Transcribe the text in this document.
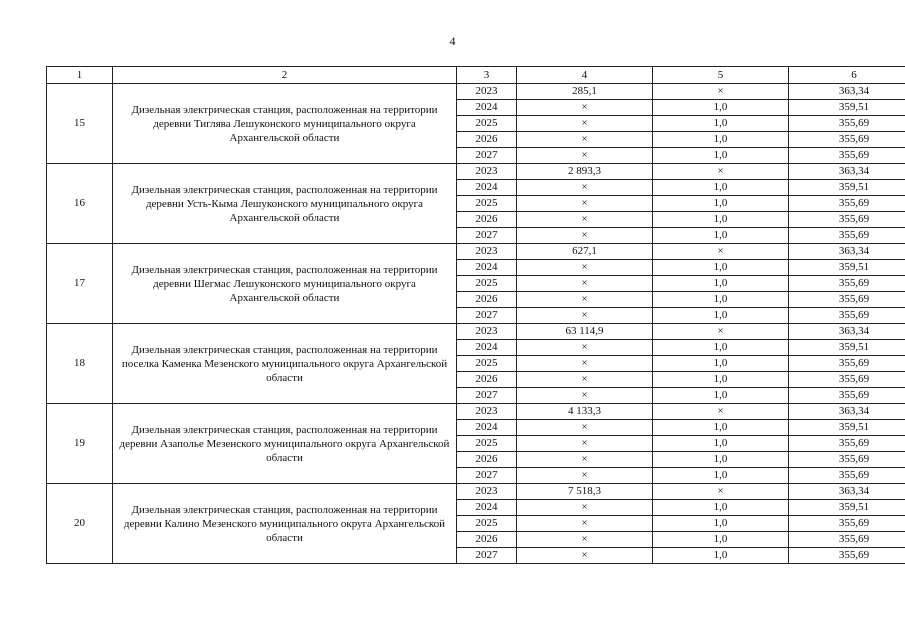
4
1	2	3	4	5	6
15	Дизельная электрическая станция, расположенная на территории деревни Тиглява Лешуконского муниципального округа Архангельской области	2023	285,1	×	363,34
		2024	×	1,0	359,51
		2025	×	1,0	355,69
		2026	×	1,0	355,69
		2027	×	1,0	355,69
16	Дизельная электрическая станция, расположенная на территории деревни Усть-Кыма Лешуконского муниципального округа Архангельской области	2023	2 893,3	×	363,34
		2024	×	1,0	359,51
		2025	×	1,0	355,69
		2026	×	1,0	355,69
		2027	×	1,0	355,69
17	Дизельная электрическая станция, расположенная на территории деревни Шегмас Лешуконского муниципального округа Архангельской области	2023	627,1	×	363,34
		2024	×	1,0	359,51
		2025	×	1,0	355,69
		2026	×	1,0	355,69
		2027	×	1,0	355,69
18	Дизельная электрическая станция, расположенная на территории поселка Каменка Мезенского муниципального округа Архангельской области	2023	63 114,9	×	363,34
		2024	×	1,0	359,51
		2025	×	1,0	355,69
		2026	×	1,0	355,69
		2027	×	1,0	355,69
19	Дизельная электрическая станция, расположенная на территории деревни Азаполье Мезенского муниципального округа Архангельской области	2023	4 133,3	×	363,34
		2024	×	1,0	359,51
		2025	×	1,0	355,69
		2026	×	1,0	355,69
		2027	×	1,0	355,69
20	Дизельная электрическая станция, расположенная на территории деревни Калино Мезенского муниципального округа Архангельской области	2023	7 518,3	×	363,34
		2024	×	1,0	359,51
		2025	×	1,0	355,69
		2026	×	1,0	355,69
		2027	×	1,0	355,69
